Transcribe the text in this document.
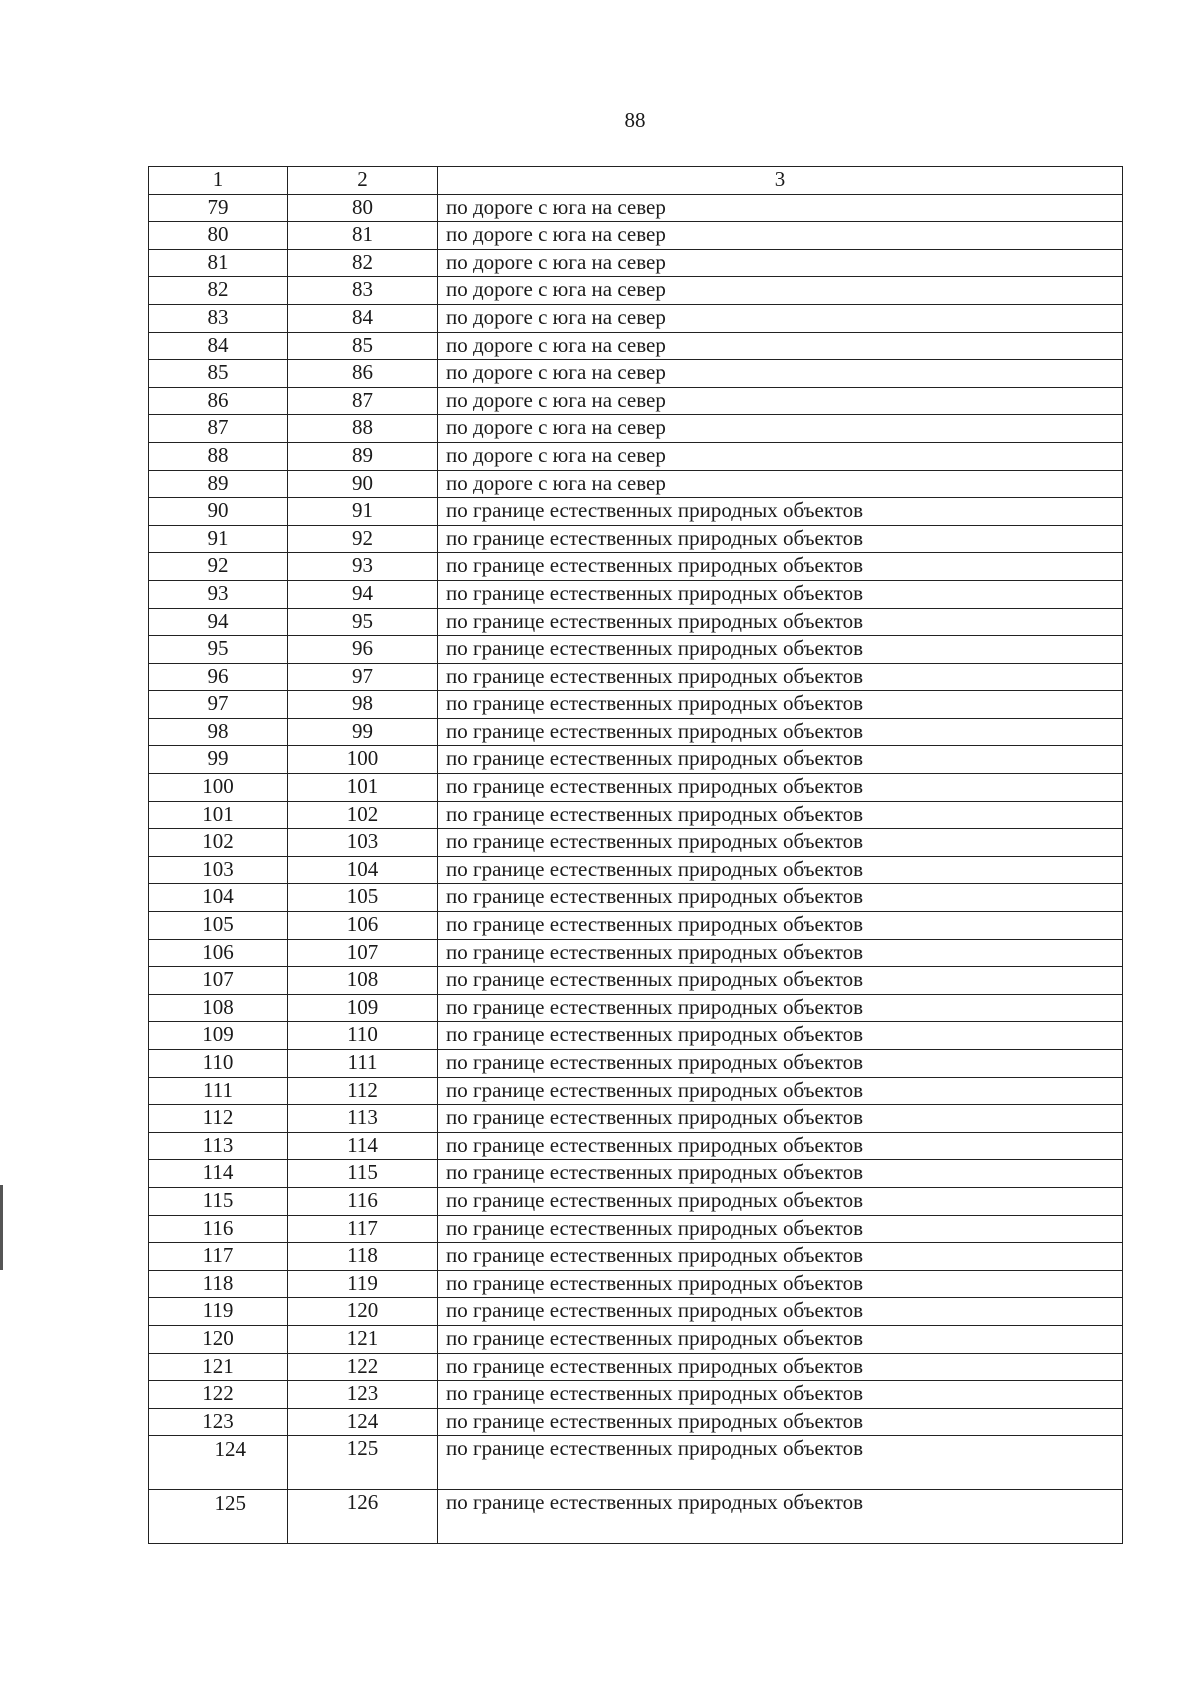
88
1	2	3
79	80	по дороге с юга на север
80	81	по дороге с юга на север
81	82	по дороге с юга на север
82	83	по дороге с юга на север
83	84	по дороге с юга на север
84	85	по дороге с юга на север
85	86	по дороге с юга на север
86	87	по дороге с юга на север
87	88	по дороге с юга на север
88	89	по дороге с юга на север
89	90	по дороге с юга на север
90	91	по границе естественных природных объектов
91	92	по границе естественных природных объектов
92	93	по границе естественных природных объектов
93	94	по границе естественных природных объектов
94	95	по границе естественных природных объектов
95	96	по границе естественных природных объектов
96	97	по границе естественных природных объектов
97	98	по границе естественных природных объектов
98	99	по границе естественных природных объектов
99	100	по границе естественных природных объектов
100	101	по границе естественных природных объектов
101	102	по границе естественных природных объектов
102	103	по границе естественных природных объектов
103	104	по границе естественных природных объектов
104	105	по границе естественных природных объектов
105	106	по границе естественных природных объектов
106	107	по границе естественных природных объектов
107	108	по границе естественных природных объектов
108	109	по границе естественных природных объектов
109	110	по границе естественных природных объектов
110	111	по границе естественных природных объектов
111	112	по границе естественных природных объектов
112	113	по границе естественных природных объектов
113	114	по границе естественных природных объектов
114	115	по границе естественных природных объектов
115	116	по границе естественных природных объектов
116	117	по границе естественных природных объектов
117	118	по границе естественных природных объектов
118	119	по границе естественных природных объектов
119	120	по границе естественных природных объектов
120	121	по границе естественных природных объектов
121	122	по границе естественных природных объектов
122	123	по границе естественных природных объектов
123	124	по границе естественных природных объектов
124	125	по границе естественных природных объектов
125	126	по границе естественных природных объектов
